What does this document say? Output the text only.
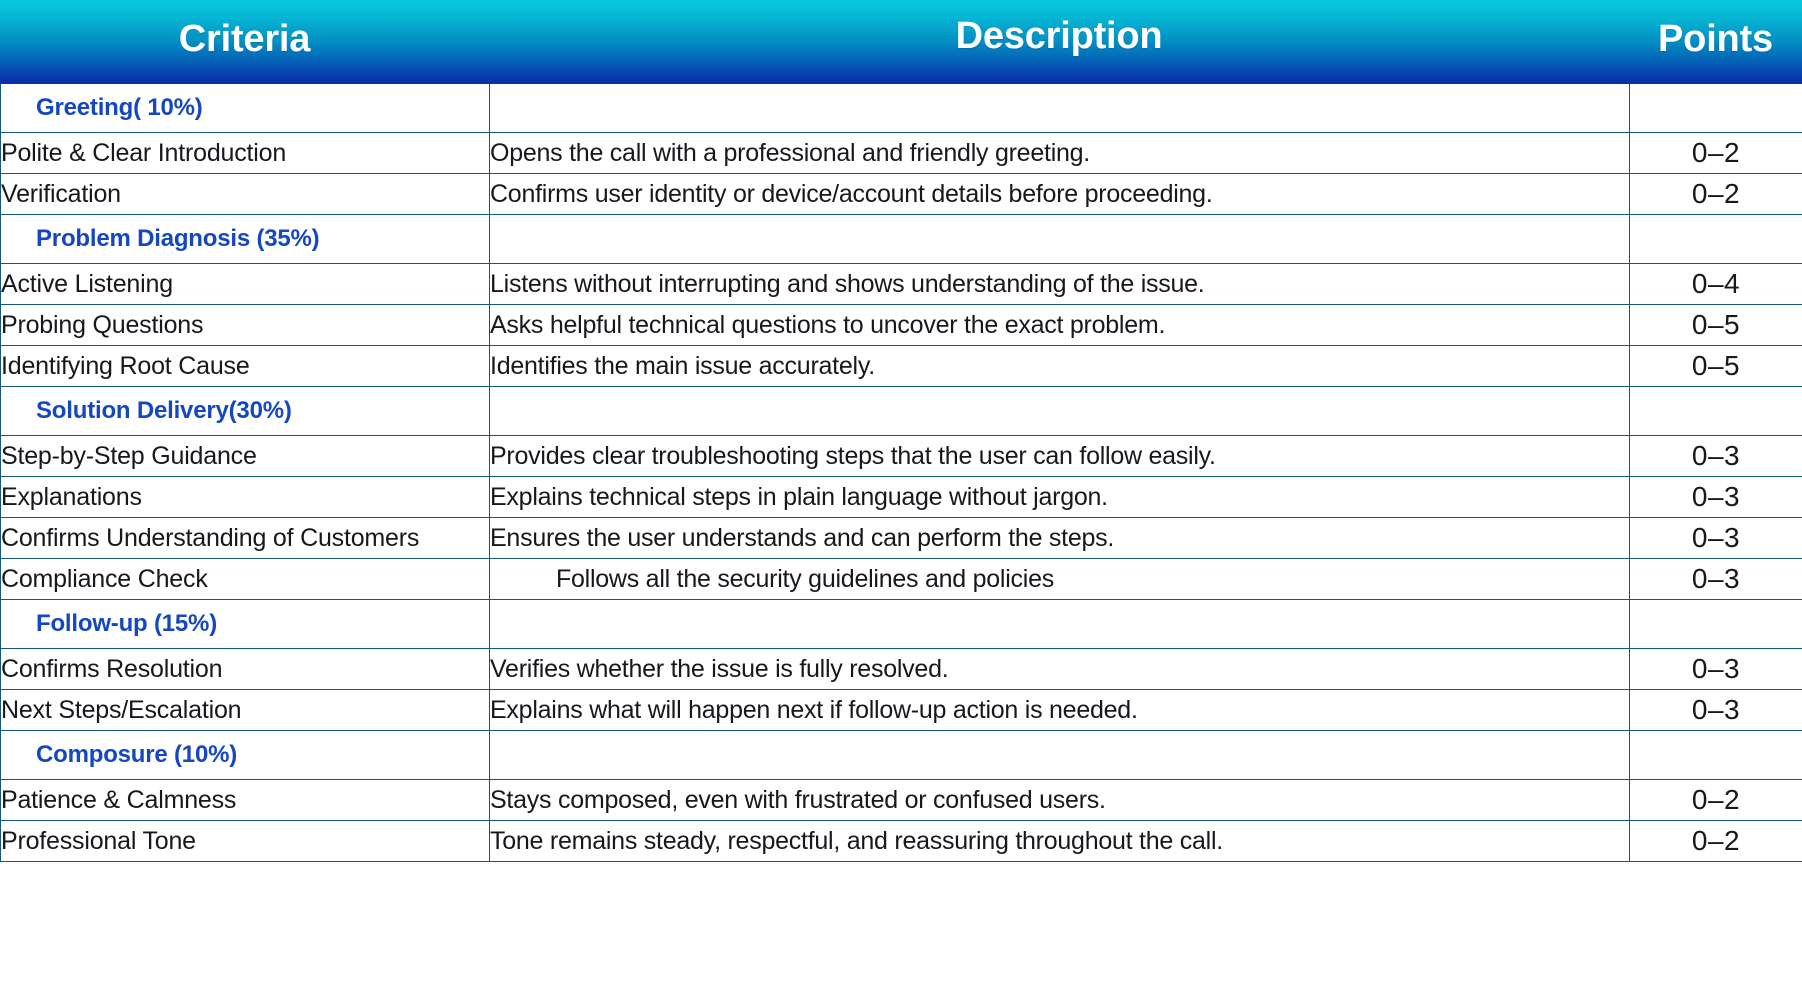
Criteria	Description	Points
Greeting( 10%)		
Polite & Clear Introduction	Opens the call with a professional and friendly greeting.	0–2
Verification	Confirms user identity or device/account details before proceeding.	0–2
Problem Diagnosis (35%)		
Active Listening	Listens without interrupting and shows understanding of the issue.	0–4
Probing Questions	Asks helpful technical questions to uncover the exact problem.	0–5
Identifying Root Cause	Identifies the main issue accurately.	0–5
Solution Delivery(30%)		
Step-by-Step Guidance	Provides clear troubleshooting steps that the user can follow easily.	0–3
Explanations	Explains technical steps in plain language without jargon.	0–3
Confirms Understanding of Customers	Ensures the user understands and can perform the steps.	0–3
Compliance Check	Follows all the security guidelines and policies	0–3
Follow-up (15%)		
Confirms Resolution	Verifies whether the issue is fully resolved.	0–3
Next Steps/Escalation	Explains what will happen next if follow-up action is needed.	0–3
Composure (10%)		
Patience & Calmness	Stays composed, even with frustrated or confused users.	0–2
Professional Tone	Tone remains steady, respectful, and reassuring throughout the call.	0–2
